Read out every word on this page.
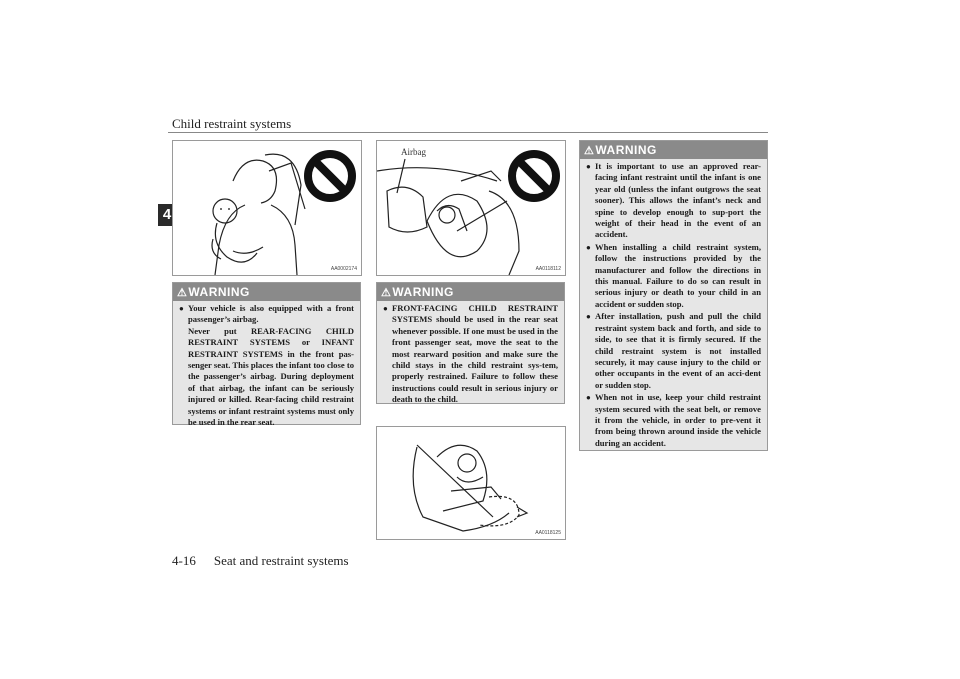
Child restraint systems
4
AA0002174
Airbag
AA0118112
AA0118125
⚠WARNING
● Your vehicle is also equipped with a front passenger’s airbag.

Never put REAR-FACING CHILD RESTRAINT SYSTEMS or INFANT RESTRAINT SYSTEMS in the front pas-senger seat. This places the infant too close to the passenger’s airbag. During deployment of that airbag, the infant can be seriously injured or killed. Rear-facing child restraint systems or infant restraint systems must only be used in the rear seat.

⚠WARNING
● FRONT-FACING CHILD RESTRAINT SYSTEMS should be used in the rear seat whenever possible. If one must be used in the front passenger seat, move the seat to the most rearward position and make sure the child stays in the child restraint sys-tem, properly restrained. Failure to follow these instructions could result in serious injury or death to the child.

⚠WARNING
● It is important to use an approved rear-facing infant restraint until the infant is one year old (unless the infant outgrows the seat sooner). This allows the infant’s neck and spine to develop enough to sup-port the weight of their head in the event of an accident.

● When installing a child restraint system, follow the instructions provided by the manufacturer and follow the directions in this manual. Failure to do so can result in serious injury or death to your child in an accident or sudden stop.

● After installation, push and pull the child restraint system back and forth, and side to side, to see that it is firmly secured. If the child restraint system is not installed securely, it may cause injury to the child or other occupants in the event of an acci-dent or sudden stop.

● When not in use, keep your child restraint system secured with the seat belt, or remove it from the vehicle, in order to pre-vent it from being thrown around inside the vehicle during an accident.

4-16 Seat and restraint systems
